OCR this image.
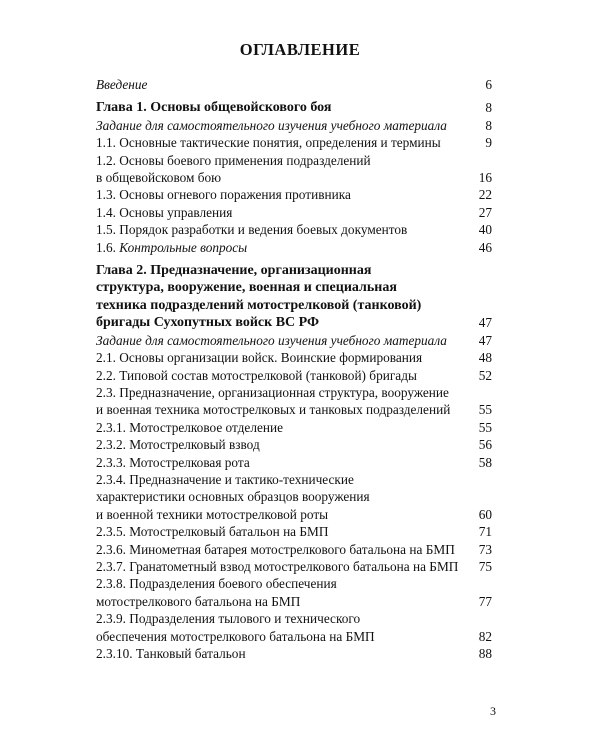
ОГЛАВЛЕНИЕ
Введение	6
Глава 1. Основы общевойскового боя	8
Задание для самостоятельного изучения учебного материала	8
1.1. Основные тактические понятия, определения и термины	9
1.2. Основы боевого применения подразделений
в общевойсковом бою	16
1.3. Основы огневого поражения противника	22
1.4. Основы управления	27
1.5. Порядок разработки и ведения боевых документов	40
1.6. Контрольные вопросы	46
Глава 2. Предназначение, организационная
структура, вооружение, военная и специальная
техника подразделений мотострелковой (танковой)
бригады Сухопутных войск ВС РФ	47
Задание для самостоятельного изучения учебного материала	47
2.1. Основы организации войск. Воинские формирования	48
2.2. Типовой состав мотострелковой (танковой) бригады	52
2.3. Предназначение, организационная структура, вооружение
и военная техника мотострелковых и танковых подразделений	55
2.3.1. Мотострелковое отделение	55
2.3.2. Мотострелковый взвод	56
2.3.3. Мотострелковая рота	58
2.3.4. Предназначение и тактико-технические
характеристики основных образцов вооружения
и военной техники мотострелковой роты	60
2.3.5. Мотострелковый батальон на БМП	71
2.3.6. Минометная батарея мотострелкового батальона на БМП	73
2.3.7. Гранатометный взвод мотострелкового батальона на БМП	75
2.3.8. Подразделения боевого обеспечения
мотострелкового батальона на БМП	77
2.3.9. Подразделения тылового и технического
обеспечения мотострелкового батальона на БМП	82
2.3.10. Танковый батальон	88
3
